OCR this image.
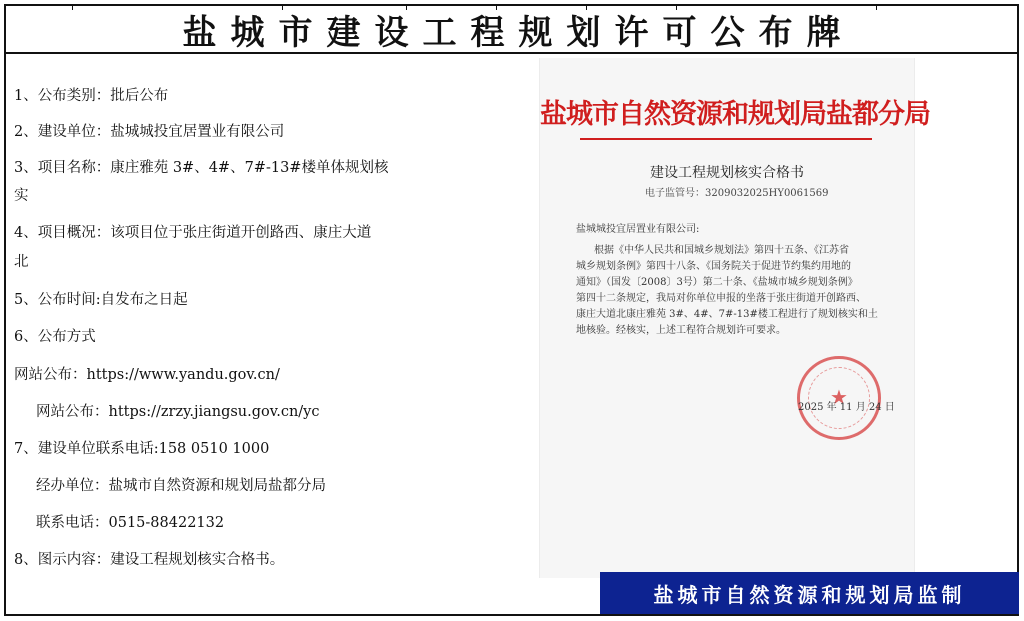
盐城市建设工程规划许可公布牌
1、公布类别：批后公布
2、建设单位：盐城城投宜居置业有限公司
3、项目名称：康庄雅苑 3#、4#、7#-13#楼单体规划核
实
4、项目概况：该项目位于张庄街道开创路西、康庄大道
北
5、公布时间:自发布之日起
6、公布方式
网站公布：https://www.yandu.gov.cn/
网站公布：https://zrzy.jiangsu.gov.cn/yc
7、建设单位联系电话:158 0510 1000
经办单位：盐城市自然资源和规划局盐都分局
联系电话：0515-88422132
8、图示内容：建设工程规划核实合格书。
盐城市自然资源和规划局盐都分局
建设工程规划核实合格书
电子监管号：3209032025HY0061569
盐城城投宜居置业有限公司:
根据《中华人民共和国城乡规划法》第四十五条、《江苏省
城乡规划条例》第四十八条、《国务院关于促进节约集约用地的
通知》（国发〔2008〕3号）第二十条、《盐城市城乡规划条例》
第四十二条规定，我局对你单位申报的坐落于张庄街道开创路西、
康庄大道北康庄雅苑 3#、4#、7#-13#楼工程进行了规划核实和土
地核验。经核实，上述工程符合规划许可要求。
★
2025 年 11 月 24 日
盐城市自然资源和规划局监制
